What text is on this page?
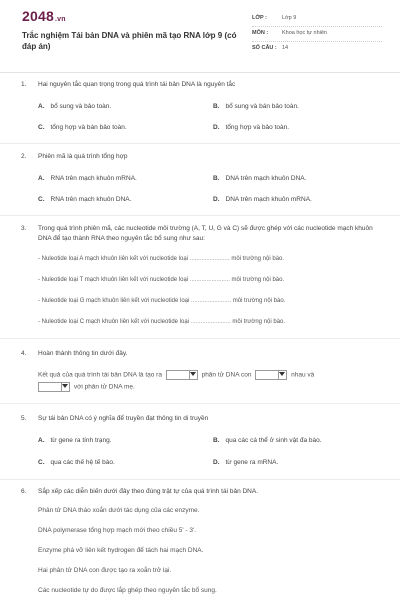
2048.vn
Trắc nghiệm Tái bản DNA và phiên mã tạo RNA lớp 9 (có đáp án)
LỚP :	Lớp 9
MÔN :	Khoa học tự nhiên
SỐ CÂU : 14
1. Hai nguyên tắc quan trọng trong quá trình tái bản DNA là nguyên tắc
A. bổ sung và bảo toàn.	B. bổ sung và bán bảo toàn.
C. tổng hợp và bán bảo toàn.	D. tổng hợp và bảo toàn.
2. Phiên mã là quá trình tổng hợp
A. RNA trên mạch khuôn mRNA.	B. DNA trên mạch khuôn DNA.
C. RNA trên mạch khuôn DNA.	D. DNA trên mạch khuôn mRNA.
3. Trong quá trình phiên mã, các nucleotide môi trường (A, T, U, G và C) sẽ được ghép với các nucleotide mạch khuôn DNA để tạo thành RNA theo nguyên tắc bổ sung như sau:
- Nuleotide loại A mạch khuôn liên kết với nucleotide loại ........................ môi trường nội bào.
- Nuleotide loại T mạch khuôn liên kết với nucleotide loại ........................ môi trường nội bào.
- Nuleotide loại G mạch khuôn liên kết với nucleotide loại ........................ môi trường nội bào.
- Nuleotide loại C mạch khuôn liên kết với nucleotide loại ........................ môi trường nội bào.
4. Hoàn thành thông tin dưới đây.
Kết quả của quá trình tái bản DNA là tạo ra	phân tử DNA con	nhau và
với phân tử DNA mẹ.
5. Sự tái bản DNA có ý nghĩa để truyền đạt thông tin di truyền
A. từ gene ra tính trạng.	B. qua các cá thể ở sinh vật đa bào.
C. qua các thế hệ tế bào.	D. từ gene ra mRNA.
6. Sắp xếp các diễn biến dưới đây theo đúng trật tự của quá trình tái bản DNA.
Phân tử DNA tháo xoắn dưới tác dụng của các enzyme.
DNA polymerase tổng hợp mạch mới theo chiều 5' - 3'.
Enzyme phá vỡ liên kết hydrogen để tách hai mạch DNA.
Hai phân tử DNA con được tạo ra xoắn trở lại.
Các nucleotide tự do được lắp ghép theo nguyên tắc bổ sung.
